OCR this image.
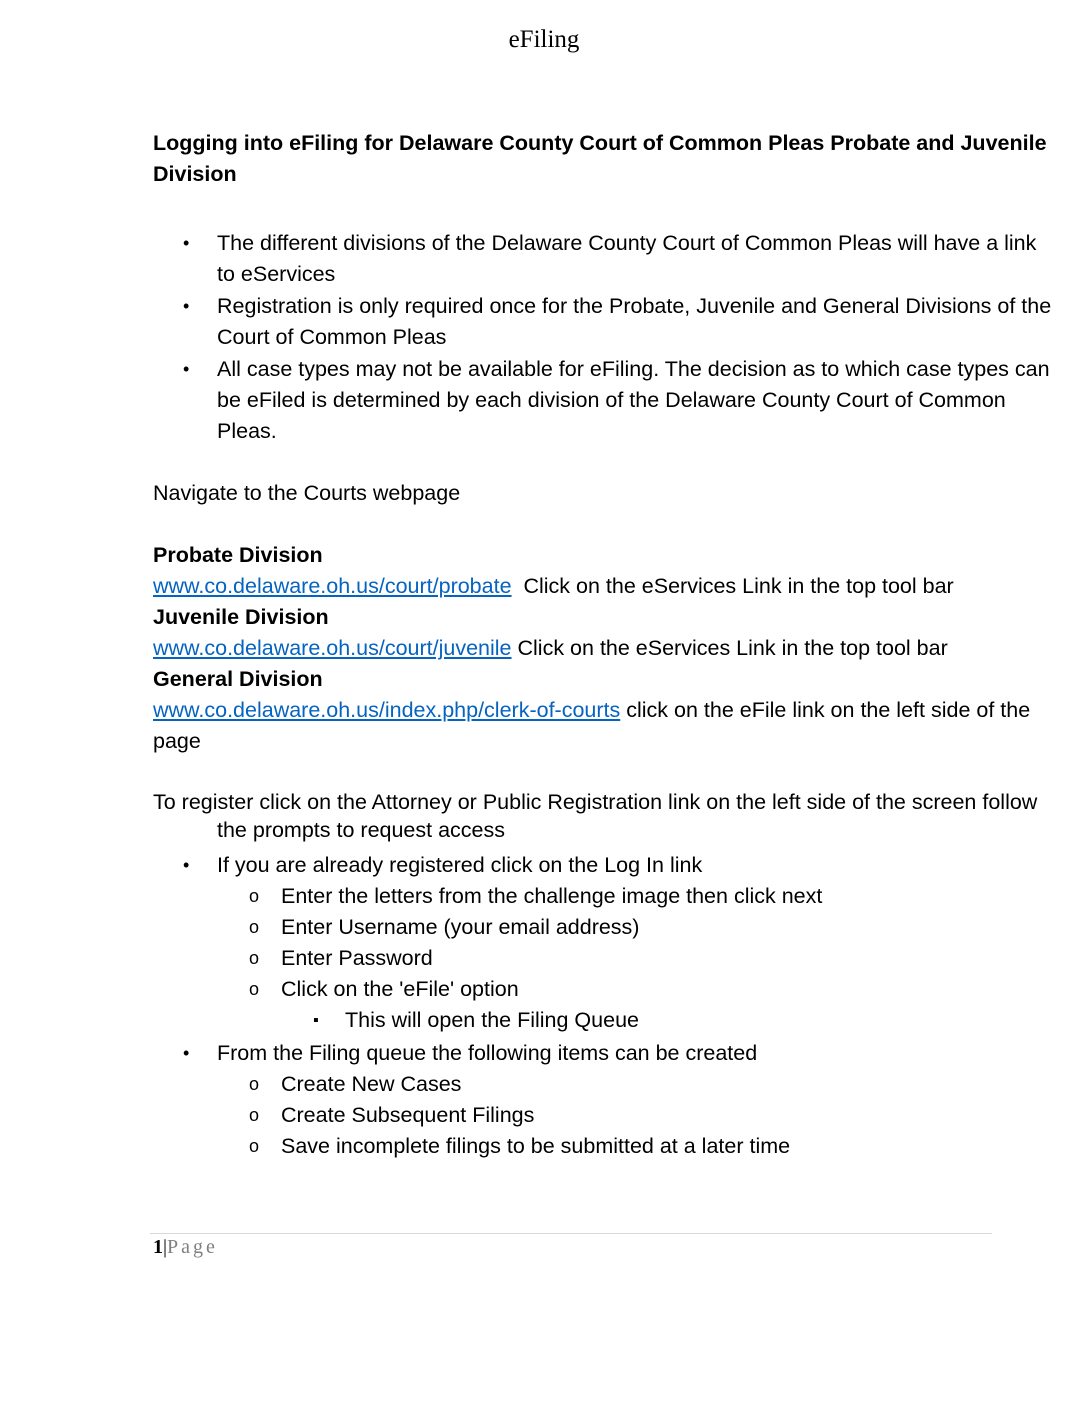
eFiling

Logging into eFiling for Delaware County Court of Common Pleas Probate and Juvenile Division

• The different divisions of the Delaware County Court of Common Pleas will have a link to eServices
• Registration is only required once for the Probate, Juvenile and General Divisions of the Court of Common Pleas
• All case types may not be available for eFiling. The decision as to which case types can be eFiled is determined by each division of the Delaware County Court of Common Pleas.
Navigate to the Courts webpage
Probate Division
www.co.delaware.oh.us/court/probate  Click on the eServices Link in the top tool bar
Juvenile Division
www.co.delaware.oh.us/court/juvenile Click on the eServices Link in the top tool bar
General Division
www.co.delaware.oh.us/index.php/clerk-of-courts click on the eFile link on the left side of the page
To register click on the Attorney or Public Registration link on the left side of the screen follow the prompts to request access
• If you are already registered click on the Log In link
o Enter the letters from the challenge image then click next
o Enter Username (your email address)
o Enter Password
o Click on the 'eFile' option
▪ This will open the Filing Queue
• From the Filing queue the following items can be created
o Create New Cases
o Create Subsequent Filings
o Save incomplete filings to be submitted at a later time
1|Page
